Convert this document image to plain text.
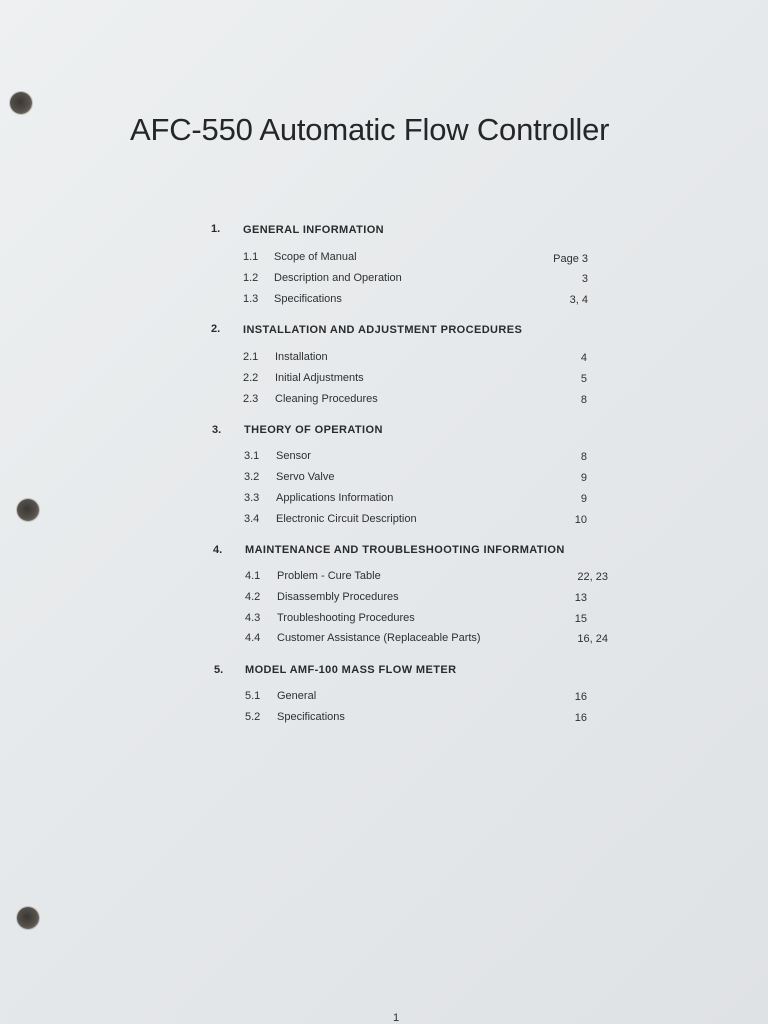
AFC-550 Automatic Flow Controller
1. GENERAL INFORMATION
1.1 Scope of Manual	Page 3
1.2 Description and Operation	3
1.3 Specifications	3, 4
2. INSTALLATION AND ADJUSTMENT PROCEDURES
2.1 Installation	4
2.2 Initial Adjustments	5
2.3 Cleaning Procedures	8
3. THEORY OF OPERATION
3.1 Sensor	8
3.2 Servo Valve	9
3.3 Applications Information	9
3.4 Electronic Circuit Description	10
4. MAINTENANCE AND TROUBLESHOOTING INFORMATION
4.1 Problem - Cure Table	22, 23
4.2 Disassembly Procedures	13
4.3 Troubleshooting Procedures	15
4.4 Customer Assistance (Replaceable Parts)	16, 24
5. MODEL AMF-100 MASS FLOW METER
5.1 General	16
5.2 Specifications	16
1
